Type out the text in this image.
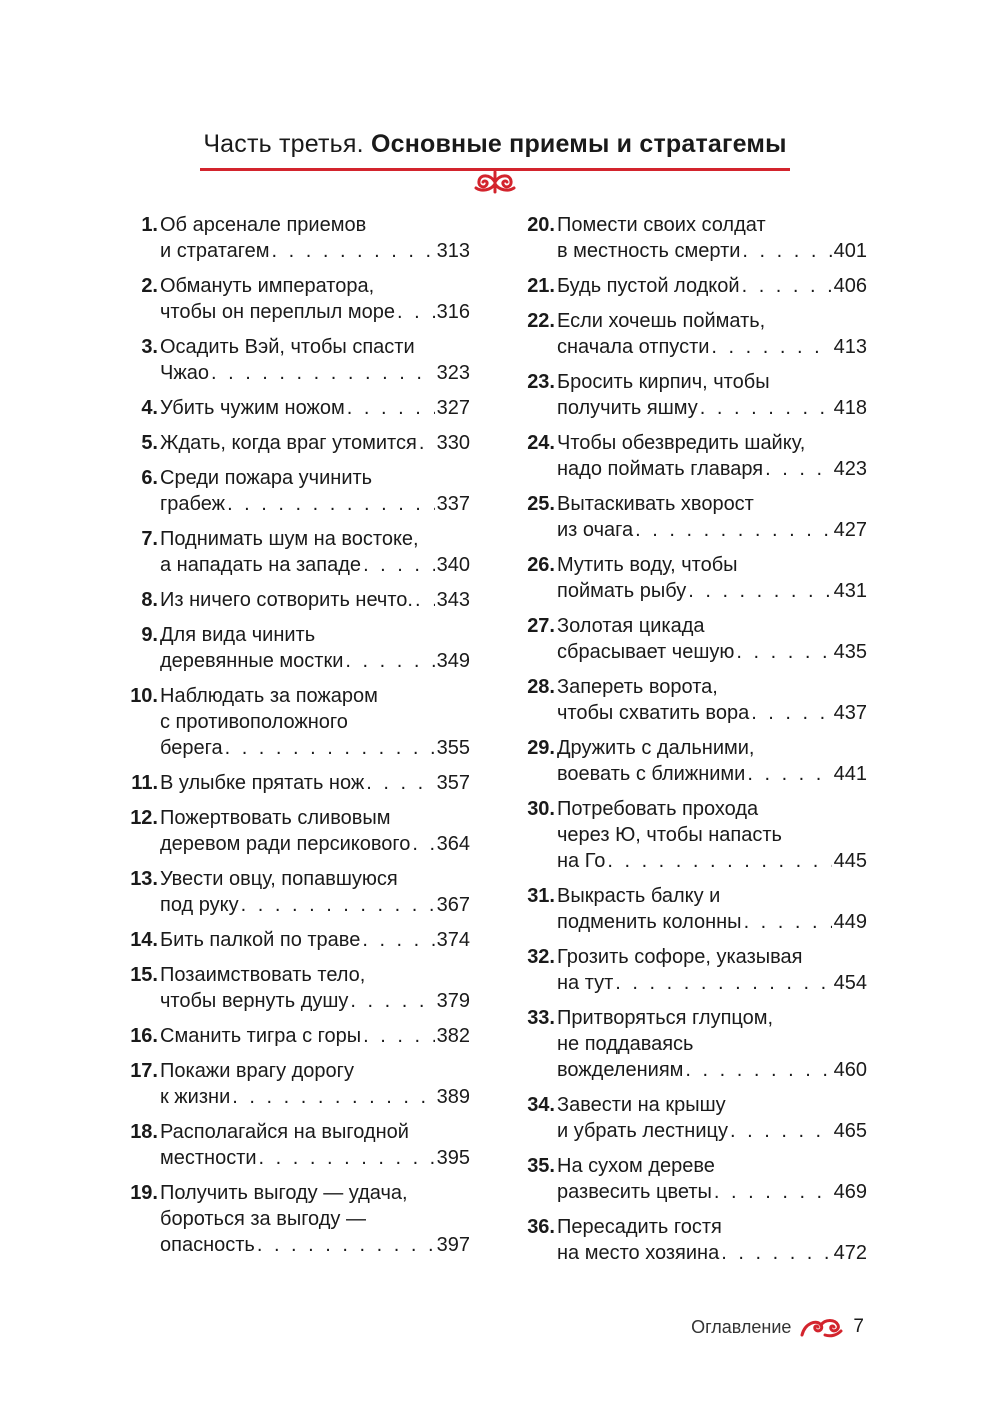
Часть третья. Основные приемы и стратагемы
1. Об арсенале приемов
и стратагем . . .	313
2. Обмануть императора,
чтобы он переплыл море . . . 316
3. Осадить Вэй, чтобы спасти
Чжао . . .	323
4. Убить чужим ножом . . .	327
5. Ждать, когда враг утомится . . . 330
6. Среди пожара учинить
грабеж . . .	337
7. Поднимать шум на востоке,
а нападать на западе . . .	340
8. Из ничего сотворить нечто. . . . 343
9. Для вида чинить
деревянные мостки . . .	349
10. Наблюдать за пожаром
с противоположного
берега . . .	355
11. В улыбке прятать нож . . .	357
12. Пожертвовать сливовым
деревом ради персикового . . . 364
13. Увести овцу, попавшуюся
под руку . . .	367
14. Бить палкой по траве . . .	374
15. Позаимствовать тело,
чтобы вернуть душу . . .	379
16. Сманить тигра с горы . . .	382
17. Покажи врагу дорогу
к жизни . . .	389
18. Располагайся на выгодной
местности . . .	395
19. Получить выгоду — удача,
бороться за выгоду —
опасность . . .	397
20. Помести своих солдат
в местность смерти . . .	401
21. Будь пустой лодкой . . .	406
22. Если хочешь поймать,
сначала отпусти . . .	413
23. Бросить кирпич, чтобы
получить яшму . . .	418
24. Чтобы обезвредить шайку,
надо поймать главаря . . .	423
25. Вытаскивать хворост
из очага . . .	427
26. Мутить воду, чтобы
поймать рыбу . . .	431
27. Золотая цикада
сбрасывает чешую . . .	435
28. Запереть ворота,
чтобы схватить вора . . .	437
29. Дружить с дальними,
воевать с ближними . . .	441
30. Потребовать прохода
через Ю, чтобы напасть
на Го . . .	445
31. Выкрасть балку и
подменить колонны . . .	449
32. Грозить софоре, указывая
на тут . . .	454
33. Притворяться глупцом,
не поддаваясь
вожделениям . . .	460
34. Завести на крышу
и убрать лестницу . . .	465
35. На сухом дереве
развесить цветы . . .	469
36. Пересадить гостя
на место хозяина . . .	472
Оглавление	7
